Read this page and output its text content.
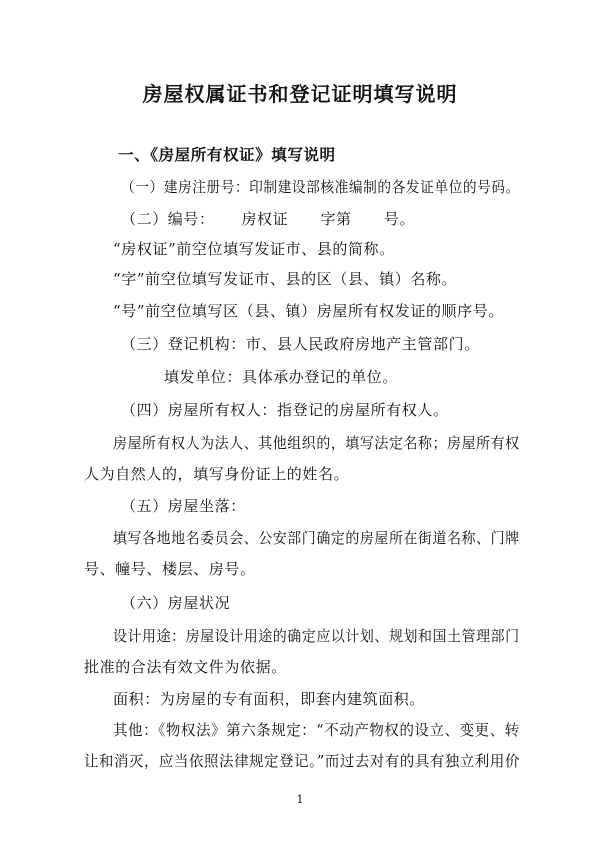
房屋权属证书和登记证明填写说明
一、《房屋所有权证》填写说明
（一）建房注册号：印制建设部核准编制的各发证单位的号码。
（二）编号：     房权证      字第      号。
“房权证”前空位填写发证市、县的简称。
“字”前空位填写发证市、县的区（县、镇）名称。
“号”前空位填写区（县、镇）房屋所有权发证的顺序号。
（三）登记机构：市、县人民政府房地产主管部门。
填发单位：具体承办登记的单位。
（四）房屋所有权人：指登记的房屋所有权人。
房屋所有权人为法人、其他组织的，填写法定名称；房屋所有权
人为自然人的，填写身份证上的姓名。
（五）房屋坐落：
填写各地地名委员会、公安部门确定的房屋所在街道名称、门牌
号、幢号、楼层、房号。
（六）房屋状况
设计用途：房屋设计用途的确定应以计划、规划和国土管理部门
批准的合法有效文件为依据。
面积：为房屋的专有面积，即套内建筑面积。
其他：《物权法》第六条规定：“不动产物权的设立、变更、转
让和消灭，应当依照法律规定登记。”而过去对有的具有独立利用价
1
